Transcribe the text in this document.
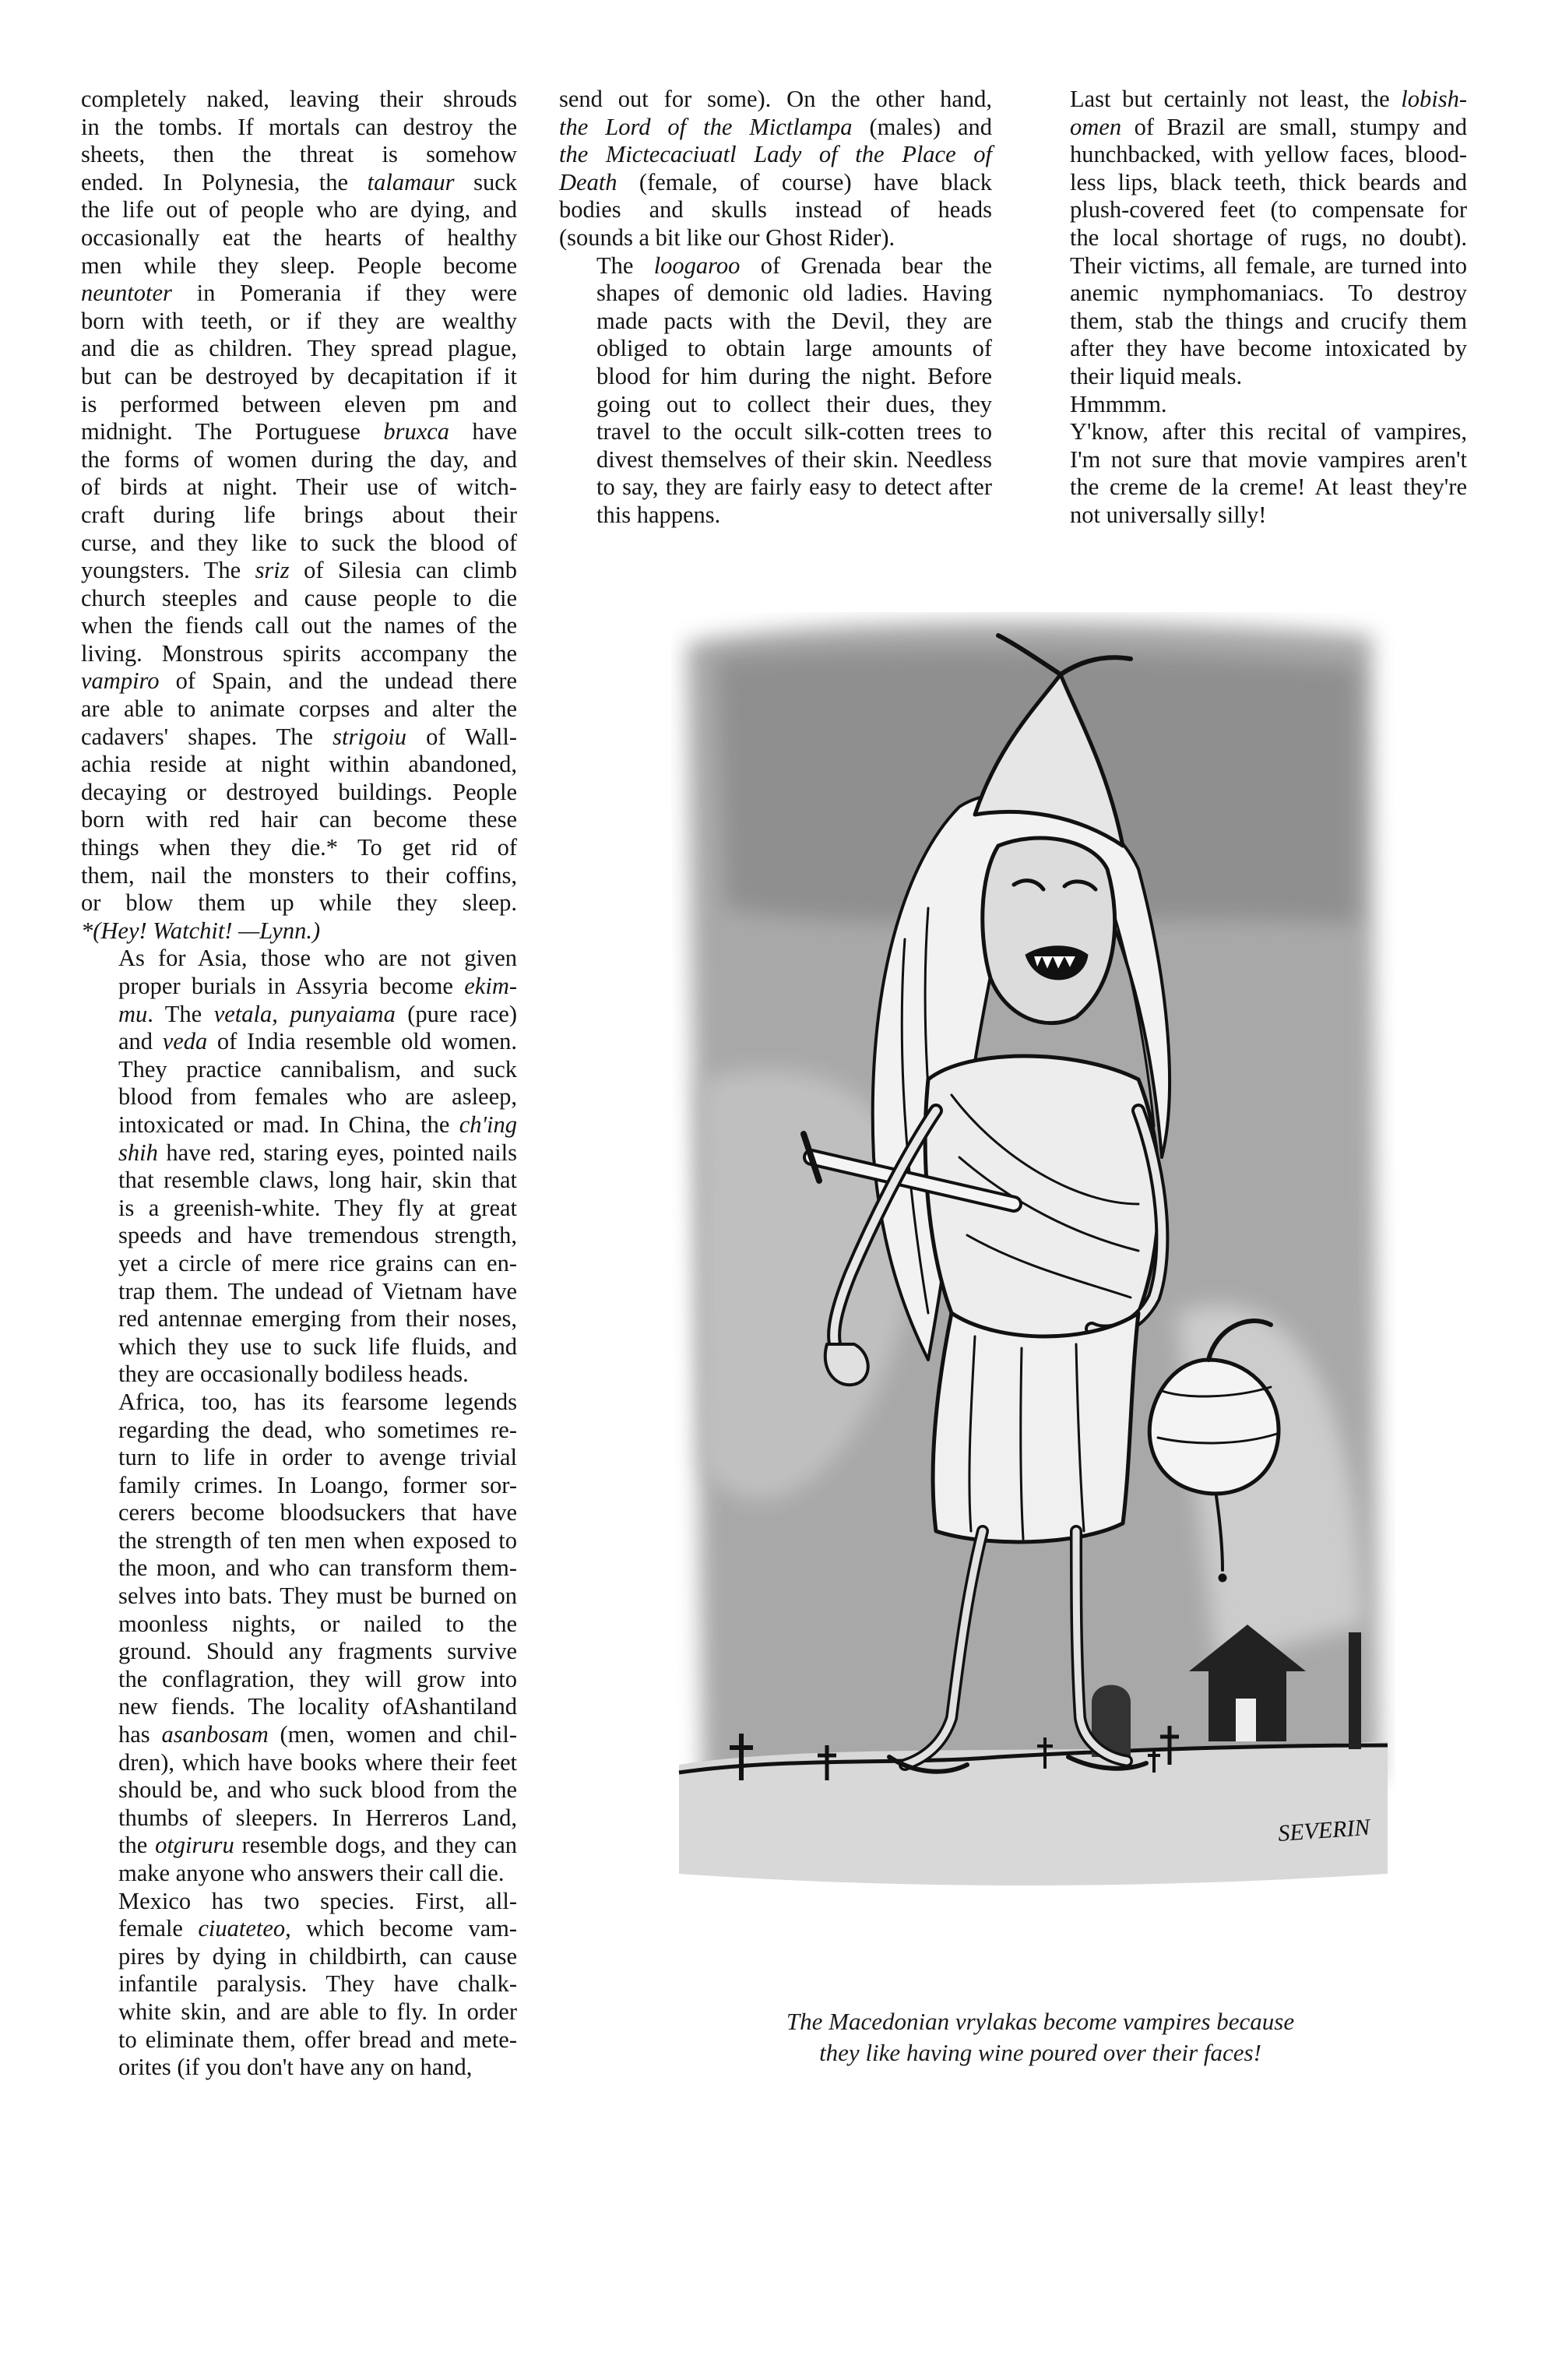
completely naked, leaving their shrouds
in the tombs. If mortals can destroy the
sheets, then the threat is somehow
ended. In Polynesia, the talamaur suck
the life out of people who are dying, and
occasionally eat the hearts of healthy
men while they sleep. People become
neuntoter in Pomerania if they were
born with teeth, or if they are wealthy
and die as children. They spread plague,
but can be destroyed by decapitation if it
is performed between eleven pm and
midnight. The Portuguese bruxca have
the forms of women during the day, and
of birds at night. Their use of witch-
craft during life brings about their
curse, and they like to suck the blood of
youngsters. The sriz of Silesia can climb
church steeples and cause people to die
when the fiends call out the names of the
living. Monstrous spirits accompany the
vampiro of Spain, and the undead there
are able to animate corpses and alter the
cadavers' shapes. The strigoiu of Wall-
achia reside at night within abandoned,
decaying or destroyed buildings. People
born with red hair can become these
things when they die.* To get rid of
them, nail the monsters to their coffins,
or blow them up while they sleep.
*(Hey! Watchit! —Lynn.)

As for Asia, those who are not given
proper burials in Assyria become ekim-
mu. The vetala, punyaiama (pure race)
and veda of India resemble old women.
They practice cannibalism, and suck
blood from females who are asleep,
intoxicated or mad. In China, the ch'ing
shih have red, staring eyes, pointed nails
that resemble claws, long hair, skin that
is a greenish-white. They fly at great
speeds and have tremendous strength,
yet a circle of mere rice grains can en-
trap them. The undead of Vietnam have
red antennae emerging from their noses,
which they use to suck life fluids, and
they are occasionally bodiless heads.

Africa, too, has its fearsome legends
regarding the dead, who sometimes re-
turn to life in order to avenge trivial
family crimes. In Loango, former sor-
cerers become bloodsuckers that have
the strength of ten men when exposed to
the moon, and who can transform them-
selves into bats. They must be burned on
moonless nights, or nailed to the
ground. Should any fragments survive
the conflagration, they will grow into
new fiends. The locality ofAshantiland
has asanbosam (men, women and chil-
dren), which have books where their feet
should be, and who suck blood from the
thumbs of sleepers. In Herreros Land,
the otgiruru resemble dogs, and they can
make anyone who answers their call die.

Mexico has two species. First, all-
female ciuateteo, which become vam-
pires by dying in childbirth, can cause
infantile paralysis. They have chalk-
white skin, and are able to fly. In order
to eliminate them, offer bread and mete-
orites (if you don't have any on hand,

send out for some). On the other hand,
the Lord of the Mictlampa (males) and
the Mictecaciuatl Lady of the Place of
Death (female, of course) have black
bodies and skulls instead of heads
(sounds a bit like our Ghost Rider).

The loogaroo of Grenada bear the
shapes of demonic old ladies. Having
made pacts with the Devil, they are
obliged to obtain large amounts of
blood for him during the night. Before
going out to collect their dues, they
travel to the occult silk-cotten trees to
divest themselves of their skin. Needless
to say, they are fairly easy to detect after
this happens.

Last but certainly not least, the lobish-
omen of Brazil are small, stumpy and
hunchbacked, with yellow faces, blood-
less lips, black teeth, thick beards and
plush-covered feet (to compensate for
the local shortage of rugs, no doubt).
Their victims, all female, are turned into
anemic nymphomaniacs. To destroy
them, stab the things and crucify them
after they have become intoxicated by
their liquid meals.

Hmmmm.

Y'know, after this recital of vampires,
I'm not sure that movie vampires aren't
the creme de la creme! At least they're
not universally silly!

SEVERIN
The Macedonian vrylakas become vampires because
they like having wine poured over their faces!
